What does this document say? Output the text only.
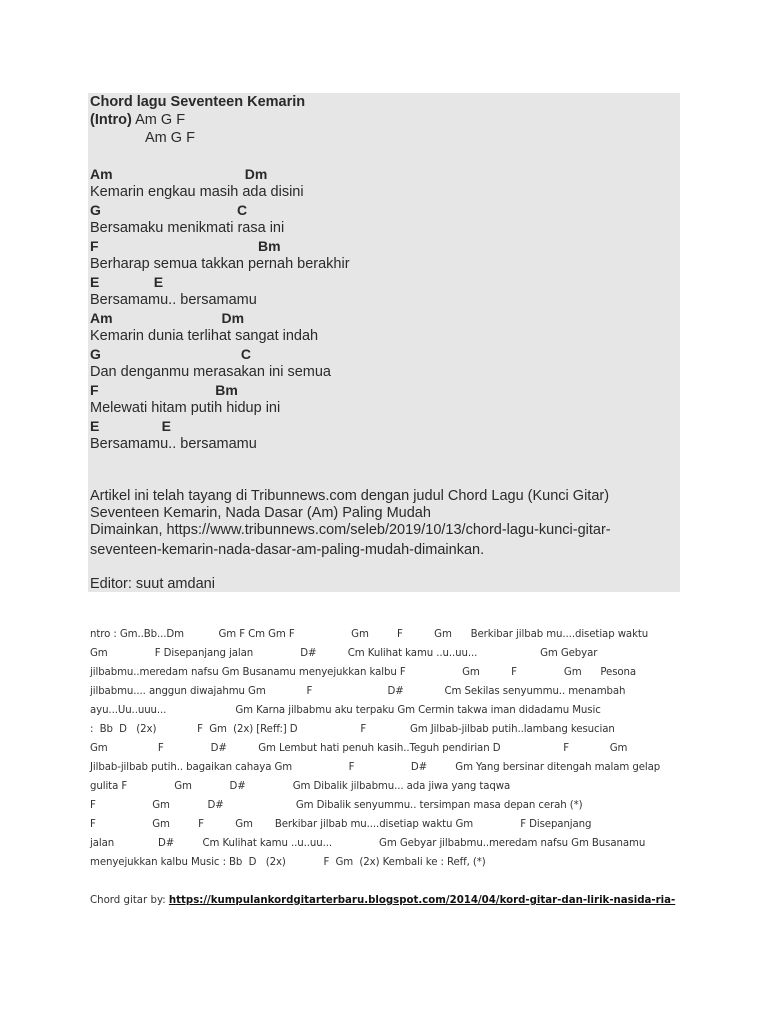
Chord lagu Seventeen Kemarin
(Intro) Am G F
Am G F
Am                                  Dm
Kemarin engkau masih ada disini
G                                   C
Bersamaku menikmati rasa ini
F                                         Bm
Berharap semua takkan pernah berakhir
E              E
Bersamamu.. bersamamu
Am                            Dm
Kemarin dunia terlihat sangat indah
G                                    C
Dan denganmu merasakan ini semua
F                              Bm
Melewati hitam putih hidup ini
E                E
Bersamamu.. bersamamu
Artikel ini telah tayang di Tribunnews.com dengan judul Chord Lagu (Kunci Gitar)
Seventeen Kemarin, Nada Dasar (Am) Paling Mudah
Dimainkan, https://www.tribunnews.com/seleb/2019/10/13/chord-lagu-kunci-gitar-
seventeen-kemarin-nada-dasar-am-paling-mudah-dimainkan.
Editor: suut amdani
ntro : Gm..Bb...Dm           Gm F Cm Gm F                  Gm         F          Gm      Berkibar jilbab mu....disetiap waktu
Gm               F Disepanjang jalan               D#          Cm Kulihat kamu ..u..uu...                    Gm Gebyar
jilbabmu..meredam nafsu Gm Busanamu menyejukkan kalbu F                  Gm          F               Gm      Pesona
jilbabmu.... anggun diwajahmu Gm             F                        D#             Cm Sekilas senyummu.. menambah
ayu...Uu..uuu...                      Gm Karna jilbabmu aku terpaku Gm Cermin takwa iman didadamu Music
:  Bb  D   (2x)             F  Gm  (2x) [Reff:] D                    F              Gm Jilbab-jilbab putih..lambang kesucian
Gm                F               D#          Gm Lembut hati penuh kasih..Teguh pendirian D                    F             Gm
Jilbab-jilbab putih.. bagaikan cahaya Gm                  F                  D#         Gm Yang bersinar ditengah malam gelap
gulita F               Gm            D#               Gm Dibalik jilbabmu... ada jiwa yang taqwa
F                  Gm            D#                       Gm Dibalik senyummu.. tersimpan masa depan cerah (*)
F                  Gm         F          Gm       Berkibar jilbab mu....disetiap waktu Gm               F Disepanjang
jalan              D#         Cm Kulihat kamu ..u..uu...               Gm Gebyar jilbabmu..meredam nafsu Gm Busanamu
menyejukkan kalbu Music : Bb  D   (2x)            F  Gm  (2x) Kembali ke : Reff, (*)
Chord gitar by: https://kumpulankordgitarterbaru.blogspot.com/2014/04/kord-gitar-dan-lirik-nasida-ria-
